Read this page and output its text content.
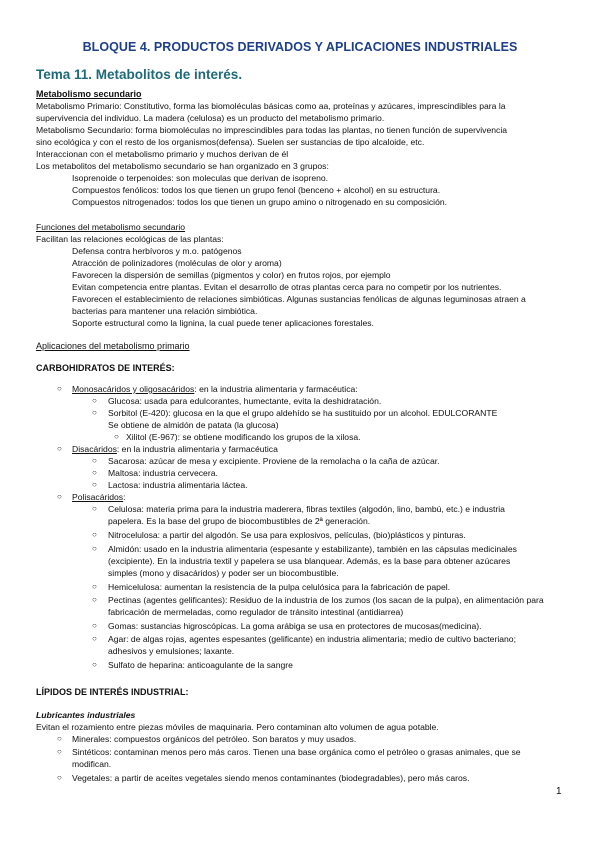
BLOQUE 4. PRODUCTOS DERIVADOS Y APLICACIONES INDUSTRIALES
Tema 11. Metabolitos de interés.
Metabolismo secundario
Metabolismo Primario: Constitutivo, forma las biomoléculas básicas como aa, proteínas y azúcares, imprescindibles para la
supervivencia del individuo. La madera (celulosa) es un producto del metabolismo primario.
Metabolismo Secundario: forma biomoléculas no imprescindibles para todas las plantas, no tienen función de supervivencia
sino ecológica y con el resto de los organismos(defensa). Suelen ser sustancias de tipo alcaloide, etc.
Interaccionan con el metabolismo primario y muchos derivan de él
Los metabolitos del metabolismo secundario se han organizado en 3 grupos:
Isoprenoide o terpenoides: son moleculas que derivan de isopreno.
Compuestos fenólicos: todos los que tienen un grupo fenol (benceno + alcohol) en su estructura.
Compuestos nitrogenados: todos los que tienen un grupo amino o nitrogenado en su composición.
Funciones del metabolismo secundario
Facilitan las relaciones ecológicas de las plantas:
Defensa contra herbívoros y m.o. patógenos
Atracción de polinizadores (moléculas de olor y aroma)
Favorecen la dispersión de semillas (pigmentos y color) en frutos rojos, por ejemplo
Evitan competencia entre plantas. Evitan el desarrollo de otras plantas cerca para no competir por los nutrientes.
Favorecen el establecimiento de relaciones simbióticas. Algunas sustancias fenólicas de algunas leguminosas atraen a
bacterias para mantener una relación simbiótica.
Soporte estructural como la lignina, la cual puede tener aplicaciones forestales.
Aplicaciones del metabolismo primario
CARBOHIDRATOS DE INTERÉS:
○ Monosacáridos y oligosacáridos: en la industria alimentaria y farmacéutica:
○ Glucosa: usada para edulcorantes, humectante, evita la deshidratación.
○ Sorbitol (E-420): glucosa en la que el grupo aldehído se ha sustituido por un alcohol. EDULCORANTE
Se obtiene de almidón de patata (la glucosa)
○ Xilitol (E-967): se obtiene modificando los grupos de la xilosa.
○ Disacáridos: en la industria alimentaria y farmacéutica
○ Sacarosa: azúcar de mesa y excipiente. Proviene de la remolacha o la caña de azúcar.
○ Maltosa: industria cervecera.
○ Lactosa: industria alimentaria láctea.
○ Polisacáridos:
○ Celulosa: materia prima para la industria maderera, fibras textiles (algodón, lino, bambú, etc.) e industria
papelera. Es la base del grupo de biocombustibles de 2ª generación.
○ Nitrocelulosa: a partir del algodón. Se usa para explosivos, películas, (bio)plásticos y pinturas.
○ Almidón: usado en la industria alimentaria (espesante y estabilizante), también en las cápsulas medicinales
(excipiente). En la industria textil y papelera se usa blanquear. Además, es la base para obtener azúcares
simples (mono y disacáridos) y poder ser un biocombustible.
○ Hemicelulosa: aumentan la resistencia de la pulpa celulósica para la fabricación de papel.
○ Pectinas (agentes gelificantes): Residuo de la industria de los zumos (los sacan de la pulpa), en alimentación para
fabricación de mermeladas, como regulador de tránsito intestinal (antidiarrea)
○ Gomas: sustancias higroscópicas. La goma arábiga se usa en protectores de mucosas(medicina).
○ Agar: de algas rojas, agentes espesantes (gelificante) en industria alimentaria; medio de cultivo bacteriano;
adhesivos y emulsiones; laxante.
○ Sulfato de heparina: anticoagulante de la sangre
LÍPIDOS DE INTERÉS INDUSTRIAL:
Lubricantes industriales
Evitan el rozamiento entre piezas móviles de maquinaria. Pero contaminan alto volumen de agua potable.
○ Minerales: compuestos orgánicos del petróleo. Son baratos y muy usados.
○ Sintéticos: contaminan menos pero más caros. Tienen una base orgánica como el petróleo o grasas animales, que se
modifican.
○ Vegetales: a partir de aceites vegetales siendo menos contaminantes (biodegradables), pero más caros.
1
